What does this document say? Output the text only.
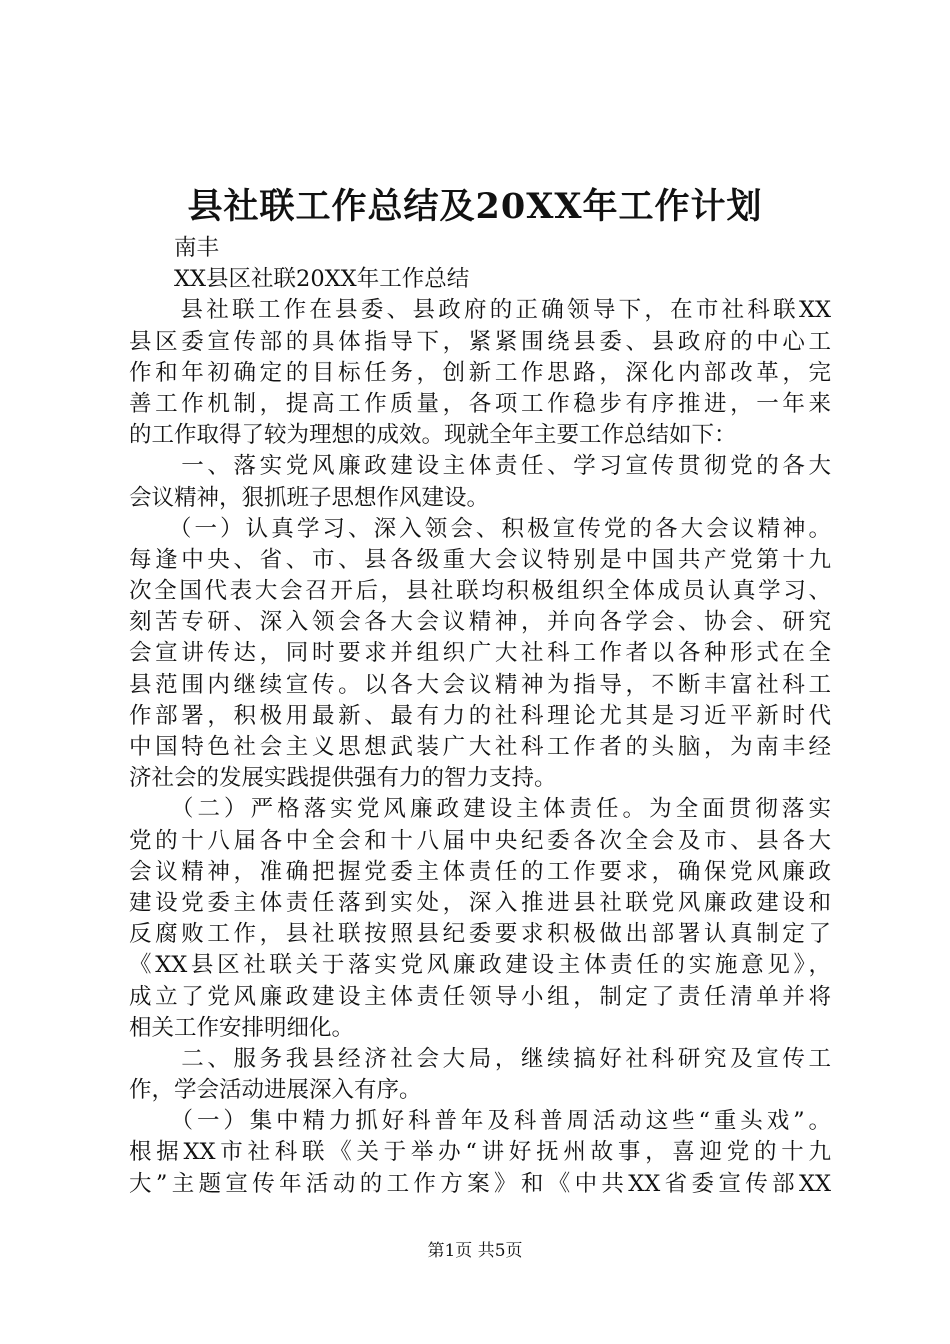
县社联工作总结及20XX年工作计划
　　南丰
　　XX县区社联20XX年工作总结
　　县社联工作在县委、县政府的正确领导下，在市社科联XX
县区委宣传部的具体指导下，紧紧围绕县委、县政府的中心工
作和年初确定的目标任务，创新工作思路，深化内部改革，完
善工作机制，提高工作质量，各项工作稳步有序推进，一年来
的工作取得了较为理想的成效。现就全年主要工作总结如下：
　　一、落实党风廉政建设主体责任、学习宣传贯彻党的各大
会议精神，狠抓班子思想作风建设。
　　（一）认真学习、深入领会、积极宣传党的各大会议精神。
每逢中央、省、市、县各级重大会议特别是中国共产党第十九
次全国代表大会召开后，县社联均积极组织全体成员认真学习、
刻苦专研、深入领会各大会议精神，并向各学会、协会、研究
会宣讲传达，同时要求并组织广大社科工作者以各种形式在全
县范围内继续宣传。以各大会议精神为指导，不断丰富社科工
作部署，积极用最新、最有力的社科理论尤其是习近平新时代
中国特色社会主义思想武装广大社科工作者的头脑，为南丰经
济社会的发展实践提供强有力的智力支持。
　　（二）严格落实党风廉政建设主体责任。为全面贯彻落实
党的十八届各中全会和十八届中央纪委各次全会及市、县各大
会议精神，准确把握党委主体责任的工作要求，确保党风廉政
建设党委主体责任落到实处，深入推进县社联党风廉政建设和
反腐败工作，县社联按照县纪委要求积极做出部署认真制定了
《XX县区社联关于落实党风廉政建设主体责任的实施意见》，
成立了党风廉政建设主体责任领导小组，制定了责任清单并将
相关工作安排明细化。
　　二、服务我县经济社会大局，继续搞好社科研究及宣传工
作，学会活动进展深入有序。
　　（一）集中精力抓好科普年及科普周活动这些“重头戏”。
根据XX市社科联《关于举办“讲好抚州故事，喜迎党的十九
大”主题宣传年活动的工作方案》和《中共XX省委宣传部XX
第1页 共5页
